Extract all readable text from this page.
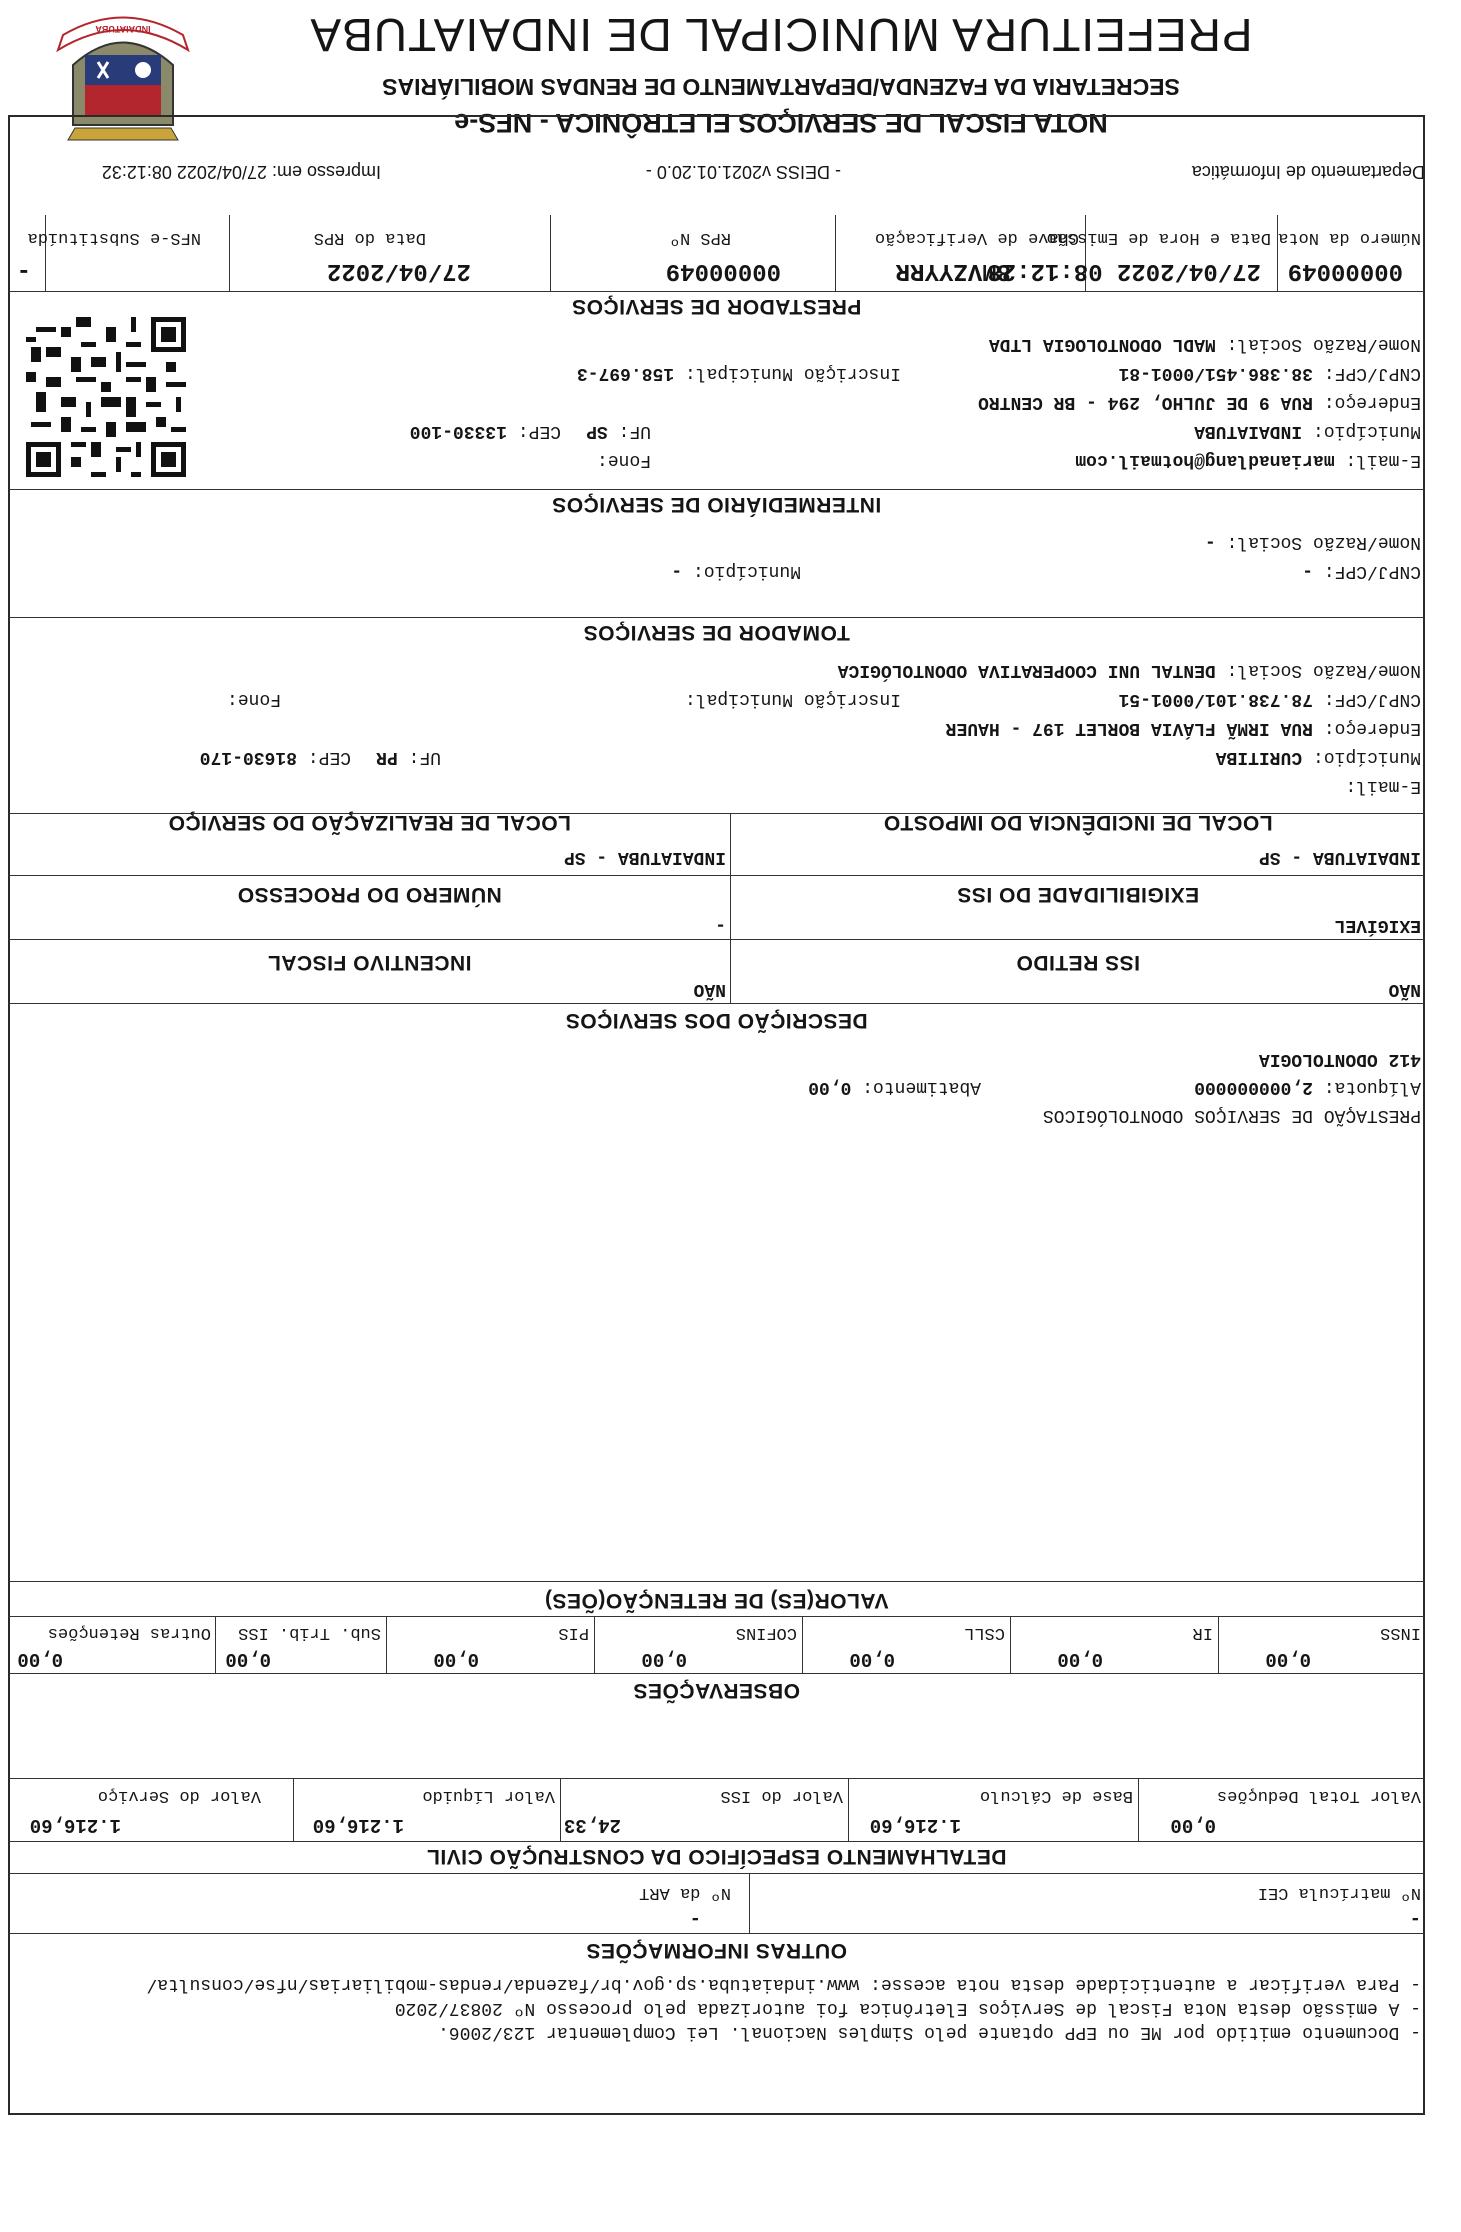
INDAIATUBA	PREFEITURA MUNICIPAL DE INDAIATUBA
SECRETARIA DA FAZENDA/DEPARTAMENTO DE RENDAS MOBILIÁRIAS
NOTA FISCAL DE SERVIÇOS ELETRÔNICA - NFS-e
Departamento de Informática
- DEISS v2021.01.20.0 -
Impresso em: 27/04/2022 08:12:32
Número da Nota
00000049
Data e Hora de Emissão
27/04/2022 08:12:28
Chave de Verificação
8MVZYYRR
RPS Nº
00000049
Data do RPS
27/04/2022
NFS-e Substituída
-
PRESTADOR DE SERVIÇOS
Nome/Razão Social: MADL ODONTOLOGIA LTDA
CNPJ/CPF: 38.386.451/0001-81
Inscrição Municipal: 158.697-3
Endereço: RUA 9 DE JULHO, 294 - BR CENTRO
Município: INDAIATUBA
UF: SP
CEP: 13330-100
E-mail: marianadlang@hotmail.com
Fone:
INTERMEDIÁRIO DE SERVIÇOS
Nome/Razão Social: -
CNPJ/CPF: -
Município: -
TOMADOR DE SERVIÇOS
Nome/Razão Social: DENTAL UNI COOPERATIVA ODONTOLÓGICA
CNPJ/CPF: 78.738.101/0001-51
Inscrição Municipal:
Fone:
Endereço: RUA IRMÃ FLÁVIA BORLET 197 - HAUER
Município: CURITIBA
UF: PR
CEP: 81630-170
E-mail:
LOCAL DE INCIDÊNCIA DO IMPOSTO
INDAIATUBA - SP
LOCAL DE REALIZAÇÃO DO SERVIÇO
INDAIATUBA - SP
EXIGIBILIDADE DO ISS
EXIGÍVEL
NÚMERO DO PROCESSO
-
ISS RETIDO
NÃO
INCENTIVO FISCAL
NÃO
DESCRIÇÃO DOS SERVIÇOS
412 ODONTOLOGIA
Alíquota: 2,000000000
Abatimento: 0,00
PRESTAÇÃO DE SERVIÇOS ODONTOLÓGICOS
VALOR(ES) DE RETENÇÃO(ÕES)
INSS
0,00
IR
0,00
CSLL
0,00
COFINS
0,00
PIS
0,00
Sub. Trib. ISS
0,00
Outras Retenções
0,00
OBSERVAÇÕES
Valor Total Deduções
0,00
Base de Cálculo
1.216,60
Valor do ISS
24,33
Valor Líquido
1.216,60
Valor do Serviço
1.216,60
DETALHAMENTO ESPECÍFICO DA CONSTRUÇÃO CIVIL
Nº matrícula CEI
-
Nº da ART
-
OUTRAS INFORMAÇÕES
- Para verificar a autenticidade desta nota acesse: www.indaiatuba.sp.gov.br/fazenda/rendas-mobiliarias/nfse/consulta/
- A emissão desta Nota Fiscal de Serviços Eletrônica foi autorizada pelo processo Nº 20837/2020
- Documento emitido por ME ou EPP optante pelo Simples Nacional. Lei Complementar 123/2006.
